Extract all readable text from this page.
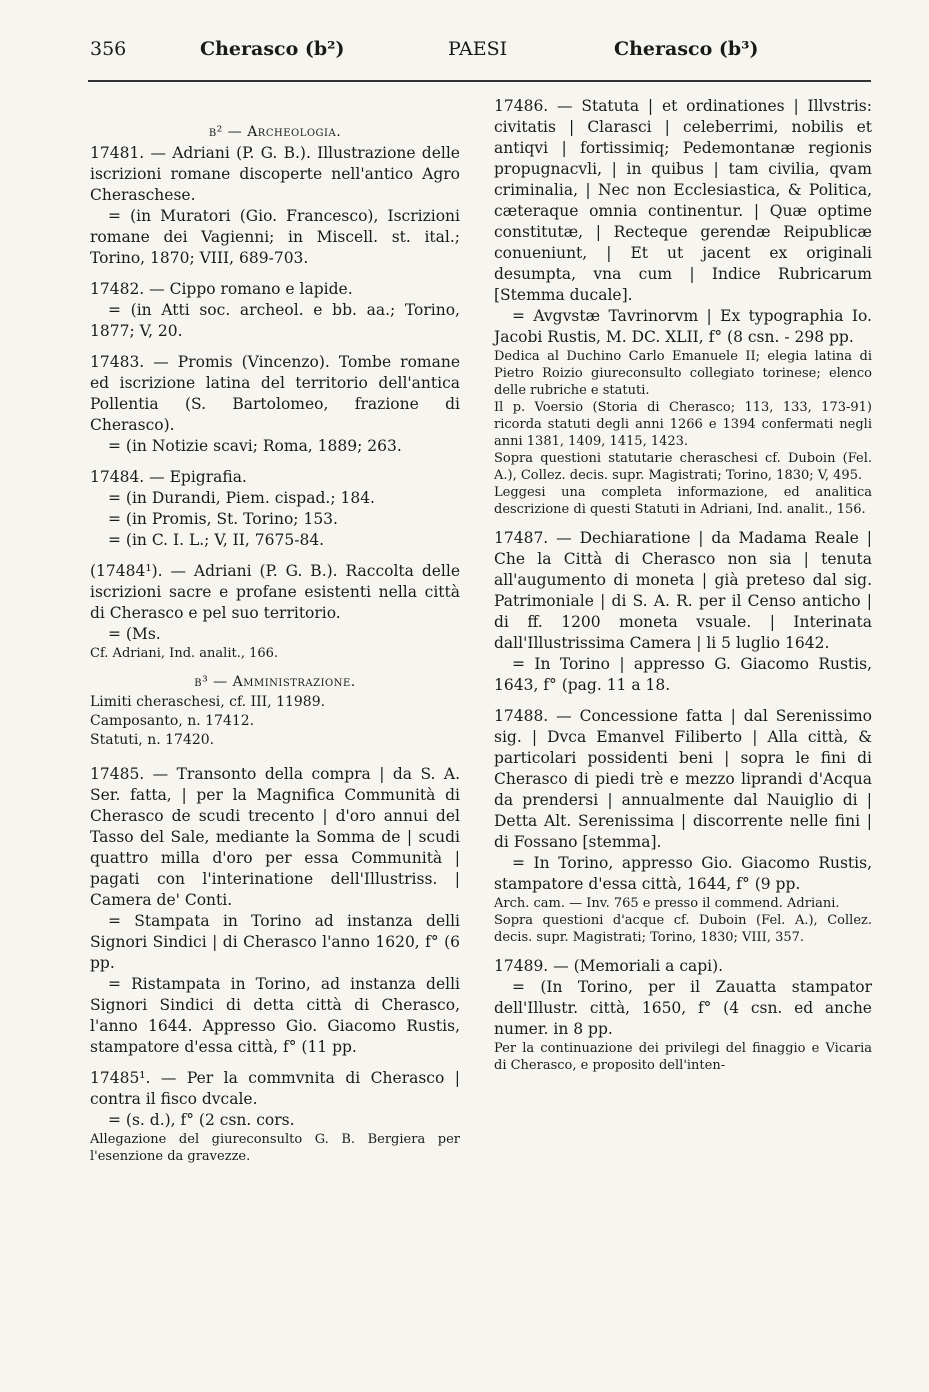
356	Cherasco (b²)	PAESI	Cherasco (b³)

b² — Archeologia.

17481. — Adriani (P. G. B.). Illustrazione delle iscrizioni romane discoperte nell'antico Agro Cheraschese.

= (in Muratori (Gio. Francesco), Iscrizioni romane dei Vagienni; in Miscell. st. ital.; Torino, 1870; VIII, 689-703.

17482. — Cippo romano e lapide.

= (in Atti soc. archeol. e bb. aa.; Torino, 1877; V, 20.

17483. — Promis (Vincenzo). Tombe romane ed iscrizione latina del territorio dell'antica Pollentia (S. Bartolomeo, frazione di Cherasco).

= (in Notizie scavi; Roma, 1889; 263.

17484. — Epigrafia.

= (in Durandi, Piem. cispad.; 184.

= (in Promis, St. Torino; 153.

= (in C. I. L.; V, II, 7675-84.

(17484¹). — Adriani (P. G. B.). Raccolta delle iscrizioni sacre e profane esistenti nella città di Cherasco e pel suo territorio.

= (Ms.

Cf. Adriani, Ind. analit., 166.

b³ — Amministrazione.

Limiti cheraschesi, cf. III, 11989.

Camposanto, n. 17412.

Statuti, n. 17420.

17485. — Transonto della compra | da S. A. Ser. fatta, | per la Magnifica Communità di Cherasco de scudi trecento | d'oro annui del Tasso del Sale, mediante la Somma de | scudi quattro milla d'oro per essa Communità | pagati con l'interinatione dell'Illustriss. | Camera de' Conti.

= Stampata in Torino ad instanza delli Signori Sindici | di Cherasco l'anno 1620, f° (6 pp.

= Ristampata in Torino, ad instanza delli Signori Sindici di detta città di Cherasco, l'anno 1644. Appresso Gio. Giacomo Rustis, stampatore d'essa città, f° (11 pp.

17485¹. — Per la commvnita di Cherasco | contra il fisco dvcale.

= (s. d.), f° (2 csn. cors.

Allegazione del giureconsulto G. B. Bergiera per l'esenzione da gravezze.

17486. — Statuta | et ordinationes | Illvstris: civitatis | Clarasci | celeberrimi, nobilis et antiqvi | fortissimiq; Pedemontanæ regionis propugnacvli, | in quibus | tam civilia, qvam criminalia, | Nec non Ecclesiastica, & Politica, cæteraque omnia continentur. | Quæ optime constitutæ, | Recteque gerendæ Reipublicæ conueniunt, | Et ut jacent ex originali desumpta, vna cum | Indice Rubricarum [Stemma ducale].

= Avgvstæ Tavrinorvm | Ex typographia Io. Jacobi Rustis, M. DC. XLII, f° (8 csn. - 298 pp.

Dedica al Duchino Carlo Emanuele II; elegia latina di Pietro Roizio giureconsulto collegiato torinese; elenco delle rubriche e statuti.

Il p. Voersio (Storia di Cherasco; 113, 133, 173-91) ricorda statuti degli anni 1266 e 1394 confermati negli anni 1381, 1409, 1415, 1423.

Sopra questioni statutarie cheraschesi cf. Duboin (Fel. A.), Collez. decis. supr. Magistrati; Torino, 1830; V, 495.

Leggesi una completa informazione, ed analitica descrizione di questi Statuti in Adriani, Ind. analit., 156.

17487. — Dechiaratione | da Madama Reale | Che la Città di Cherasco non sia | tenuta all'augumento di moneta | già preteso dal sig. Patrimoniale | di S. A. R. per il Censo anticho | di ff. 1200 moneta vsuale. | Interinata dall'Illustrissima Camera | li 5 luglio 1642.

= In Torino | appresso G. Giacomo Rustis, 1643, f° (pag. 11 a 18.

17488. — Concessione fatta | dal Serenissimo sig. | Dvca Emanvel Filiberto | Alla città, & particolari possidenti beni | sopra le fini di Cherasco di piedi trè e mezzo liprandi d'Acqua da prendersi | annualmente dal Nauiglio di | Detta Alt. Serenissima | discorrente nelle fini | di Fossano [stemma].

= In Torino, appresso Gio. Giacomo Rustis, stampatore d'essa città, 1644, f° (9 pp.

Arch. cam. — Inv. 765 e presso il commend. Adriani.

Sopra questioni d'acque cf. Duboin (Fel. A.), Collez. decis. supr. Magistrati; Torino, 1830; VIII, 357.

17489. — (Memoriali a capi).

= (In Torino, per il Zauatta stampator dell'Illustr. città, 1650, f° (4 csn. ed anche numer. in 8 pp.

Per la continuazione dei privilegi del finaggio e Vicaria di Cherasco, e proposito dell'inten-
